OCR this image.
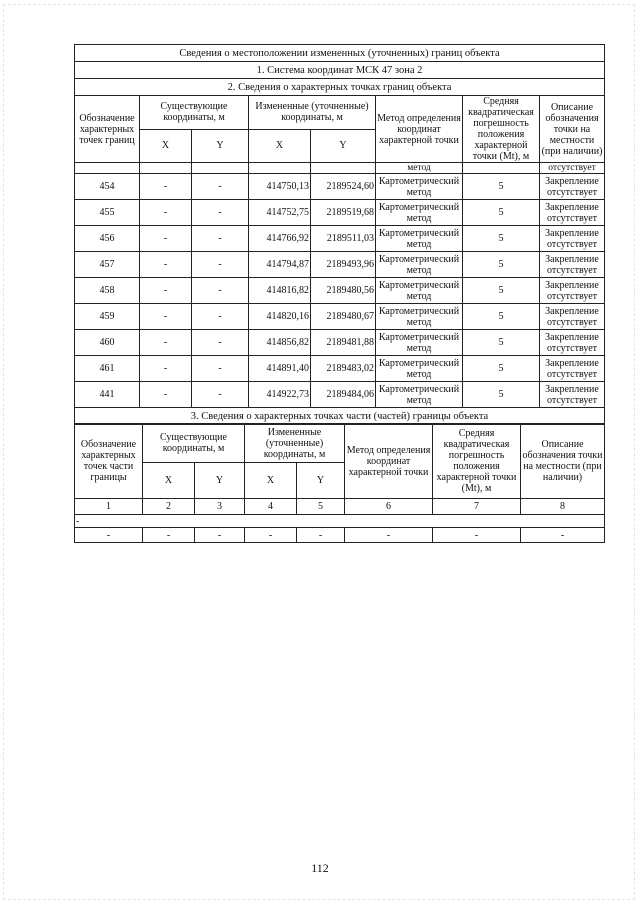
Сведения о местоположении измененных (уточненных) границ объекта							
1. Система координат МСК 47 зона 2							
2. Сведения о характерных точках границ объекта							
Обозначение характерных точек границ	Существующие координаты, м		Измененные (уточненные) координаты, м		Метод определения координат характерной точки	Средняя квадратическая погрешность положения характерной точки (Mt), м	Описание обозначения точки на местности (при наличии)
	X	Y	X	Y			
					метод		отсутствует
454	-	-	414750,13	2189524,60	Картометрический метод	5	Закрепление отсутствует
455	-	-	414752,75	2189519,68	Картометрический метод	5	Закрепление отсутствует
456	-	-	414766,92	2189511,03	Картометрический метод	5	Закрепление отсутствует
457	-	-	414794,87	2189493,96	Картометрический метод	5	Закрепление отсутствует
458	-	-	414816,82	2189480,56	Картометрический метод	5	Закрепление отсутствует
459	-	-	414820,16	2189480,67	Картометрический метод	5	Закрепление отсутствует
460	-	-	414856,82	2189481,88	Картометрический метод	5	Закрепление отсутствует
461	-	-	414891,40	2189483,02	Картометрический метод	5	Закрепление отсутствует
441	-	-	414922,73	2189484,06	Картометрический метод	5	Закрепление отсутствует
3. Сведения о характерных точках части (частей) границы объекта							
Обозначение характерных точек части границы	Существующие координаты, м		Измененные (уточненные) координаты, м		Метод определения координат характерной точки	Средняя квадратическая погрешность положения характерной точки (Mt), м	Описание обозначения точки на местности (при наличии)
	X	Y	X	Y			
1	2	3	4	5	6	7	8
-							
-	-	-	-	-	-	-	-
112
